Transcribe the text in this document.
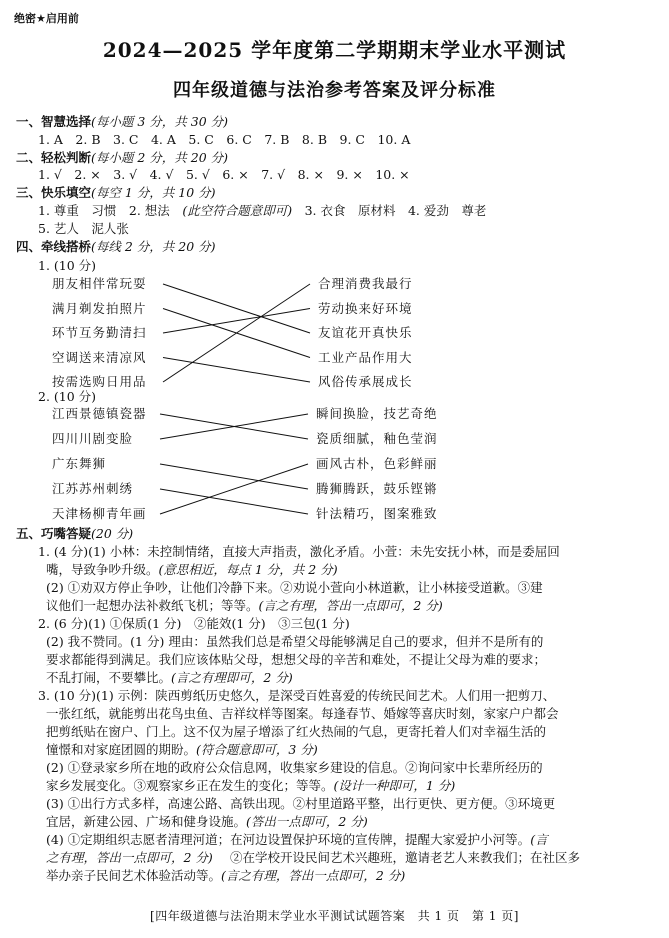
绝密★启用前
2024—2025 学年度第二学期期末学业水平测试
四年级道德与法治参考答案及评分标准
一、智慧选择(每小题 3 分，共 30 分)
1. A　2. B　3. C　4. A　5. C　6. C　7. B　8. B　9. C　10. A
二、轻松判断(每小题 2 分，共 20 分)
1. √　2. ×　3. √　4. √　5. √　6. ×　7. √　8. ×　9. ×　10. ×
三、快乐填空(每空 1 分，共 10 分)
1. 尊重　习惯　2. 想法　(此空符合题意即可)　3. 衣食　原材料　4. 爱劲　尊老
5. 艺人　泥人张
四、牵线搭桥(每线 2 分，共 20 分)
1. (10 分)
2. (10 分)
朋友相伴常玩耍
满月剃发拍照片
环节互务勤清扫
空调送来清凉风
按需选购日用品
合理消费我最行
劳动换来好环境
友谊花开真快乐
工业产品作用大
风俗传承展成长
江西景德镇瓷器
四川川剧变脸
广东舞狮
江苏苏州刺绣
天津杨柳青年画
瞬间换脸，技艺奇绝
瓷质细腻，釉色莹润
画风古朴，色彩鲜丽
腾狮腾跃，鼓乐铿锵
针法精巧，图案雅致
五、巧嘴答疑(20 分)
1. (4 分)(1) 小林：未控制情绪，直接大声指责，激化矛盾。小萱：未先安抚小林，而是委屈回
嘴，导致争吵升级。(意思相近，每点 1 分，共 2 分)
(2) ①劝双方停止争吵，让他们冷静下来。②劝说小萱向小林道歉，让小林接受道歉。③建
议他们一起想办法补救纸飞机；等等。(言之有理，答出一点即可，2 分)
2. (6 分)(1) ①保质(1 分)　②能效(1 分)　③三包(1 分)
(2) 我不赞同。(1 分) 理由：虽然我们总是希望父母能够满足自己的要求，但并不是所有的
要求都能得到满足。我们应该体贴父母，想想父母的辛苦和难处，不提让父母为难的要求；
不乱打闹，不要攀比。(言之有理即可，2 分)
3. (10 分)(1) 示例：陕西剪纸历史悠久，是深受百姓喜爱的传统民间艺术。人们用一把剪刀、
一张红纸，就能剪出花鸟虫鱼、吉祥纹样等图案。每逢春节、婚嫁等喜庆时刻，家家户户都会
把剪纸贴在窗户、门上。这不仅为屋子增添了红火热闹的气息，更寄托着人们对幸福生活的
憧憬和对家庭团圆的期盼。(符合题意即可，3 分)
(2) ①登录家乡所在地的政府公众信息网，收集家乡建设的信息。②询问家中长辈所经历的
家乡发展变化。③观察家乡正在发生的变化；等等。(设计一种即可，1 分)
(3) ①出行方式多样，高速公路、高铁出现。②村里道路平整，出行更快、更方便。③环境更
宜居，新建公园、广场和健身设施。(答出一点即可，2 分)
(4) ①定期组织志愿者清理河道；在河边设置保护环境的宣传牌，提醒大家爱护小河等。(言
②在学校开设民间艺术兴趣班，邀请老艺人来教我们；在社区多
举办亲子民间艺术体验活动等。(言之有理，答出一点即可，2 分)
之有理，答出一点即可，2 分)
[四年级道德与法治期末学业水平测试试题答案　共 1 页　第 1 页]
